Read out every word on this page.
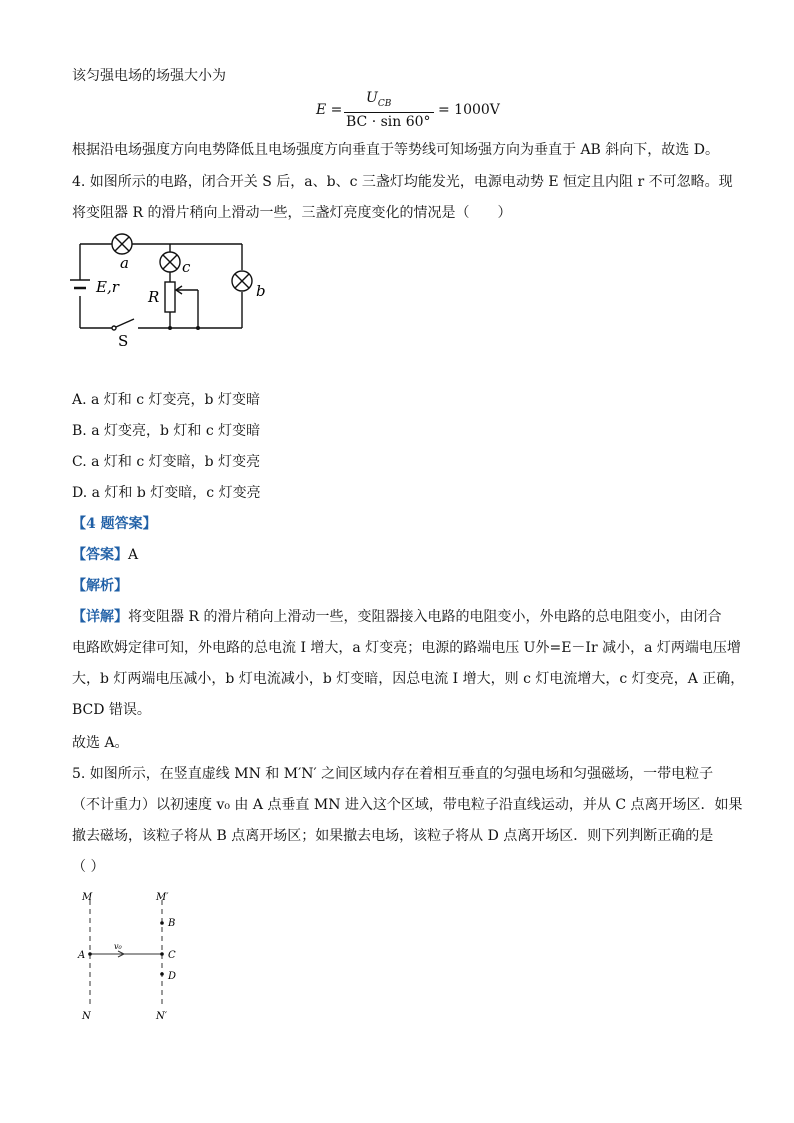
该匀强电场的场强大小为
E =
$U_{CB}$
BC · sin 60°
= 1000V
根据沿电场强度方向电势降低且电场强度方向垂直于等势线可知场强方向为垂直于 AB 斜向下，故选 D。
4. 如图所示的电路，闭合开关 S 后，a、b、c 三盏灯均能发光，电源电动势 E 恒定且内阻 r 不可忽略。现
将变阻器 R 的滑片稍向上滑动一些，三盏灯亮度变化的情况是（　　）
a	c
b
R
E,r
S
A. a 灯和 c 灯变亮，b 灯变暗
B. a 灯变亮，b 灯和 c 灯变暗
C. a 灯和 c 灯变暗，b 灯变亮
D. a 灯和 b 灯变暗，c 灯变亮
【4 题答案】
【答案】A
【解析】
【详解】将变阻器 R 的滑片稍向上滑动一些，变阻器接入电路的电阻变小，外电路的总电阻变小，由闭合
电路欧姆定律可知，外电路的总电流 I 增大，a 灯变亮；电源的路端电压 U外=E－Ir 减小，a 灯两端电压增
大，b 灯两端电压减小，b 灯电流减小，b 灯变暗，因总电流 I 增大，则 c 灯电流增大，c 灯变亮，A 正确，
BCD 错误。
故选 A。
5. 如图所示，在竖直虚线 MN 和 M′N′ 之间区域内存在着相互垂直的匀强电场和匀强磁场，一带电粒子
（不计重力）以初速度 v₀ 由 A 点垂直 MN 进入这个区域，带电粒子沿直线运动，并从 C 点离开场区．如果
撤去磁场，该粒子将从 B 点离开场区；如果撤去电场，该粒子将从 D 点离开场区．则下列判断正确的是
（ ）
M
N
M′
N′
A
B
C
D
v₀
